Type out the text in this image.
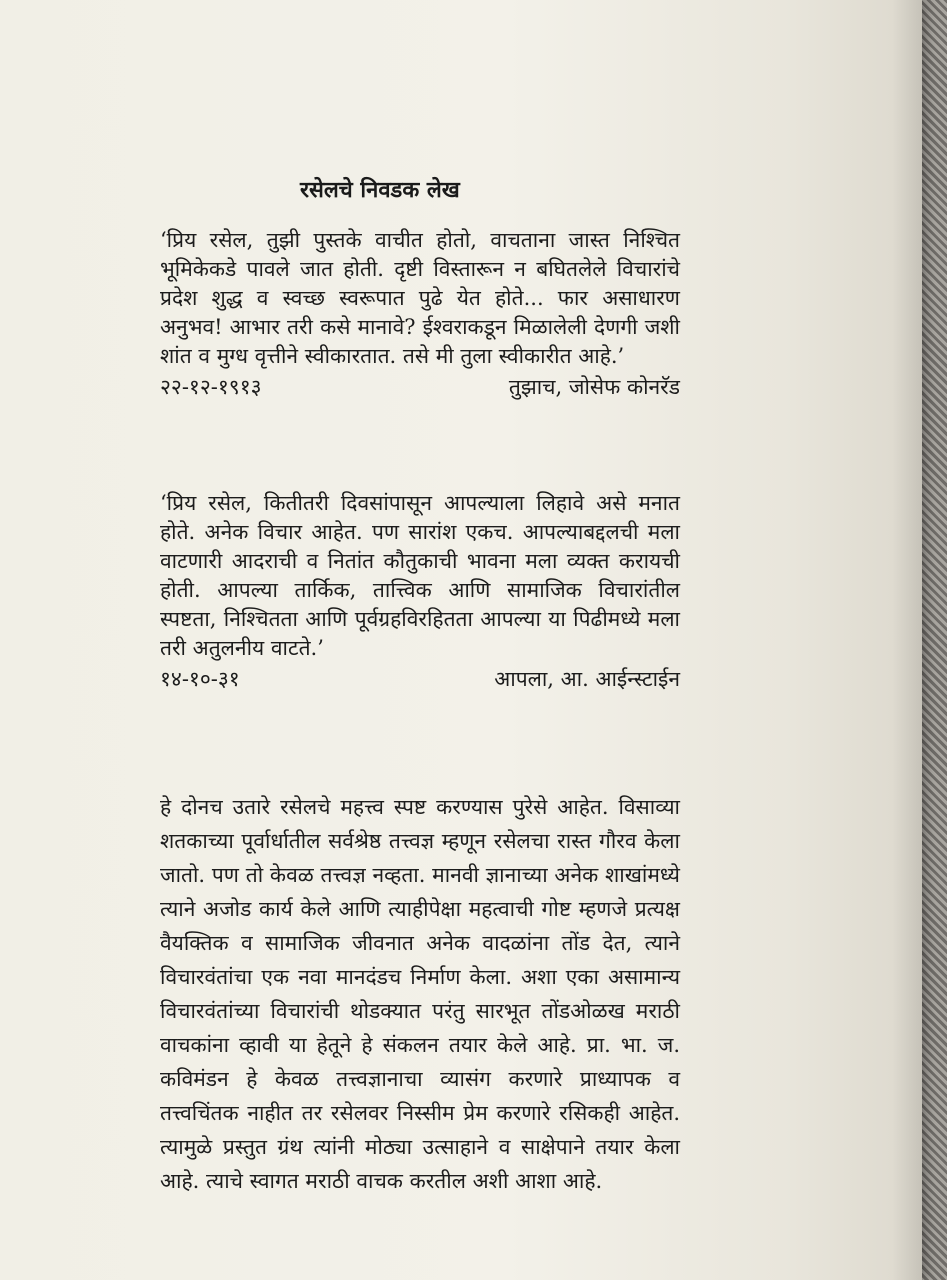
रसेलचे निवडक लेख

‘प्रिय रसेल, तुझी पुस्तके वाचीत होतो, वाचताना जास्त निश्चित भूमिकेकडे पावले जात होती. दृष्टी विस्तारून न बघितलेले विचारांचे प्रदेश शुद्ध व स्वच्छ स्वरूपात पुढे येत होते... फार असाधारण अनुभव! आभार तरी कसे मानावे? ईश्वराकडून मिळालेली देणगी जशी शांत व मुग्ध वृत्तीने स्वीकारतात. तसे मी तुला स्वीकारीत आहे.’

२२-१२-१९१३	तुझाच, जोसेफ कोनरॅड

‘प्रिय रसेल, कितीतरी दिवसांपासून आपल्याला लिहावे असे मनात होते. अनेक विचार आहेत. पण सारांश एकच. आपल्याबद्दलची मला वाटणारी आदराची व नितांत कौतुकाची भावना मला व्यक्त करायची होती. आपल्या तार्किक, तात्त्विक आणि सामाजिक विचारांतील स्पष्टता, निश्चितता आणि पूर्वग्रहविरहितता आपल्या या पिढीमध्ये मला तरी अतुलनीय वाटते.’

१४-१०-३१	आपला, आ. आईन्स्टाईन

हे दोनच उतारे रसेलचे महत्त्व स्पष्ट करण्यास पुरेसे आहेत. विसाव्या शतकाच्या पूर्वार्धातील सर्वश्रेष्ठ तत्त्वज्ञ म्हणून रसेलचा रास्त गौरव केला जातो. पण तो केवळ तत्त्वज्ञ नव्हता. मानवी ज्ञानाच्या अनेक शाखांमध्ये त्याने अजोड कार्य केले आणि त्याहीपेक्षा महत्वाची गोष्ट म्हणजे प्रत्यक्ष वैयक्तिक व सामाजिक जीवनात अनेक वादळांना तोंड देत, त्याने विचारवंतांचा एक नवा मानदंडच निर्माण केला. अशा एका असामान्य विचारवंतांच्या विचारांची थोडक्यात परंतु सारभूत तोंडओळख मराठी वाचकांना व्हावी या हेतूने हे संकलन तयार केले आहे. प्रा. भा. ज. कविमंडन हे केवळ तत्त्वज्ञानाचा व्यासंग करणारे प्राध्यापक व तत्त्वचिंतक नाहीत तर रसेलवर निस्सीम प्रेम करणारे रसिकही आहेत. त्यामुळे प्रस्तुत ग्रंथ त्यांनी मोठ्या उत्साहाने व साक्षेपाने तयार केला आहे. त्याचे स्वागत मराठी वाचक करतील अशी आशा आहे.
